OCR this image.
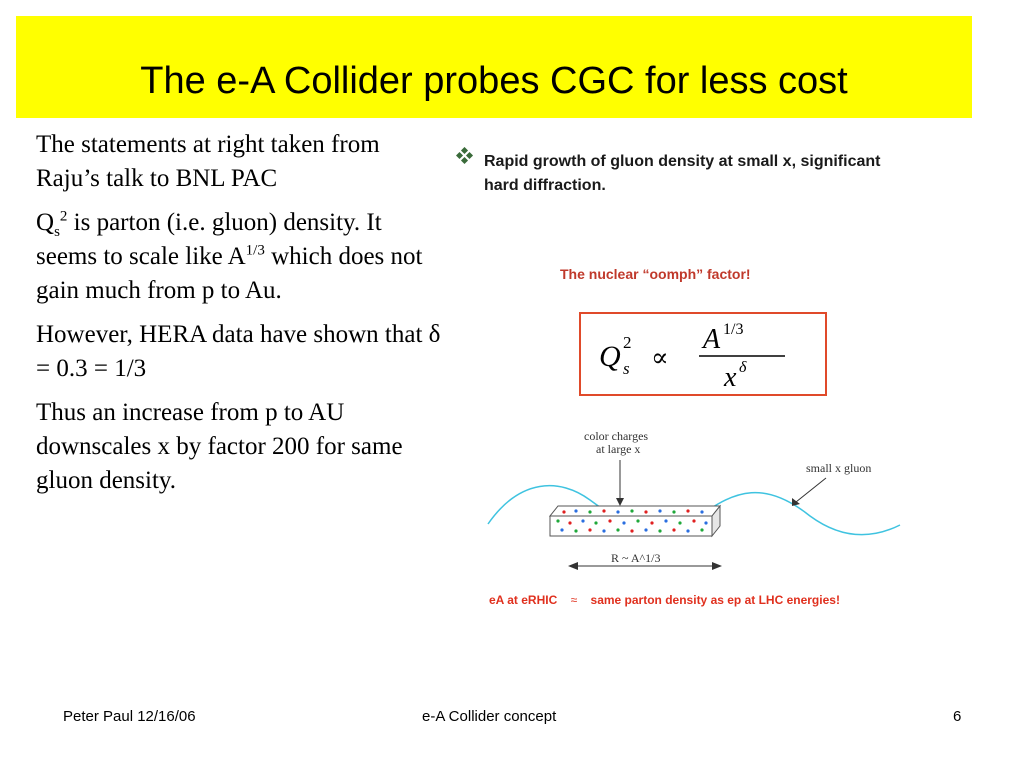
The e-A Collider probes CGC for less cost

The statements at right taken from Raju’s talk to BNL PAC

$Q_s^2$ is parton (i.e. gluon) density. It seems to scale like $A^{1/3}$ which does not gain much from p to Au.

However, HERA data have shown that δ = 0.3 = 1/3

Thus an increase from p to AU downscales x by factor 200 for same gluon density.

Rapid growth of gluon density at small x, significant
hard diffraction.
The nuclear “oomph” factor!
Q 2
s ∝
A 1/3
x δ
color charges
at large x
small x gluon
R ~ A^1/3
eA at eRHIC ≈ same parton density as ep at LHC energies!
Peter Paul 12/16/06	e-A Collider concept	6
